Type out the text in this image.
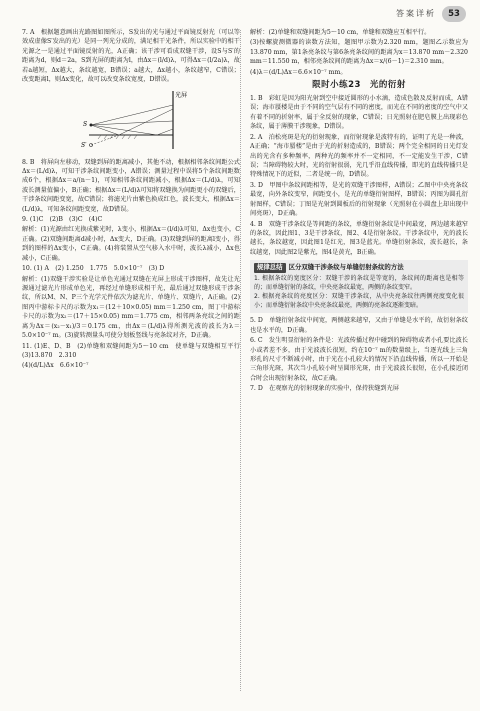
答案详析	53

7. A　根据题意画出光路图如图所示，S发出的光与通过平面镜反射光（可以等效成虚像S′发出的光）是同一列光分成的，满足相干光条件，所以实验中的相干光源之一是通过平面镜反射的光，A正确；该干涉可看成双缝干涉，设S与S′的距离为d，则d＝2a，S到光屏的距离为l，由Δx＝(l/d)λ，可得Δx＝(l/2a)λ，故若a越短，Δx越大，条纹越宽，B错误；a越大，Δx越小，条纹越窄，C错误；改变距离l，则Δx变化，故可以改变条纹宽度，D错误。

光屏
S
S′

8. B　将屏向左移动，双缝到屏的距离减小，其他不动，根据相邻条纹间距公式Δx＝(L/d)λ，可知干涉条纹间距变小，A错误；测量过程中误将5个条纹间距数成6个，根据Δx＝a/(n－1)，可知相邻条纹间距减小，根据Δx＝(L/d)λ，可知波长测量值偏小，B正确；根据Δx＝(L/d)λ可知将双缝换为间距更小的双缝后，干涉条纹间距变宽，故C错误；将滤光片由紫色换成红色，波长变大，根据Δx＝(L/d)λ，可知条纹间距变宽，故D错误。

9. (1)C　(2)B　(3)C　(4)C

解析：(1)光源由红光换成紫光时，λ变小，根据Δx＝(l/d)λ可知，Δx也变小，C正确。(2)双缝间距离d减小时，Δx变大，D正确。(3)双缝到屏的距离l变小，得到的图样的Δx变小，C正确。(4)将装置从空气移入水中时，波长λ减小，Δx也减小，C正确。

10. (1) A　(2) 1.250　1.775　5.0×10⁻⁷　(3) D

解析：(1)双缝干涉实验是让单色光通过双缝在光屏上形成干涉图样，故先让光源通过滤光片形成单色光，再经过单缝形成相干光，最后通过双缝形成干涉条纹，所以M、N、P三个光学元件依次为滤光片、单缝片、双缝片，A正确。(2)图丙中游标卡尺的示数为x₁＝(12＋10×0.05) mm＝1.250 cm，图丁中游标卡尺的示数为x₂＝(17＋15×0.05) mm＝1.775 cm，相邻两条亮纹之间的距离为Δx＝(x₂－x₁)/3＝0.175 cm，由Δx＝(L/d)λ得所测光波的波长为λ＝5.0×10⁻⁷ m。(3)旋转测量头可使分划板竖线与亮条纹对齐，D正确。

11. (1)E、D、B　(2)单缝和双缝间距为5～10 cm　使单缝与双缝相互平行　(3)13.870　2.310

(4)(d/L)Δx　6.6×10⁻⁷

解析：(2)单缝和双缝间距为5～10 cm，单缝和双缝应互相平行。

(3)按螺旋测微器的读数方法知，题图甲示数为2.320 mm，题图乙示数应为13.870 mm，第1条亮条纹与第6条亮条纹间的距离为x＝13.870 mm－2.320 mm＝11.550 m，相邻亮条纹间的距离为Δx＝x/(6－1)＝2.310 mm。

(4)λ＝(d/L)Δx＝6.6×10⁻⁷ mm。

限时小练23　光的衍射

1. B　彩虹是因为阳光射到空中接近圆形的小水滴，造成色散及反射而成，A错误；海市蜃楼是由于不同的空气层有不同的密度，而光在不同的密度的空气中又有着不同的折射率，属于全反射的现象，C错误；日光照射在肥皂膜上出现彩色条纹，属于薄膜干涉现象，D错误。

2. A　泊松亮斑是光的衍射现象，而衍射现象是波特有的，证明了光是一种波，A正确；“海市蜃楼”是由于光的折射造成的，B错误；两个完全相同的日光灯发出的光含有多种频率，两种光的频率并不一定相同，不一定能发生干涉，C错误；当障碍物较大时，光的衍射很弱，光几乎沿直线传播，即光的直线传播只是特殊情况下的近似，二者是统一的，D错误。

3. D　甲图中条纹间距相等，是光的双缝干涉图样，A错误；乙图中中央亮条纹最宽，向外条纹变窄，间距变小，是光的单缝衍射图样，B错误；丙图为圆孔衍射图样，C错误；丁图是光射到圆板后的衍射现象（光照射在小圆盘上却出现中间亮斑），D正确。

4. B　双缝干涉条纹是等间距的条纹，单缝衍射条纹是中间最宽，两边越来越窄的条纹，因此图1、3是干涉条纹，图2、4是衍射条纹。干涉条纹中，光的波长越长，条纹越宽，因此图1是红光，图3是蓝光。单缝衍射条纹，波长越长，条纹越宽，因此图2是紫光，图4是黄光，B正确。

规律总结 区分双缝干涉条纹与单缝衍射条纹的方法
1. 根据条纹的宽度区分：双缝干涉的条纹是等宽的，条纹间的距离也是相等的；而单缝衍射的条纹，中央亮条纹最宽，两侧的条纹变窄。
2. 根据亮条纹的亮度区分：双缝干涉条纹，从中央亮条纹往两侧亮度变化很小；而单缝衍射条纹中央亮条纹最亮，两侧的亮条纹逐渐变暗。

5. D　单缝衍射条纹中间宽，两侧越来越窄，又由于单缝是水平的，故衍射条纹也是水平的，D正确。

6. C　发生明显衍射的条件是：光波传播过程中碰到的障碍物或者小孔要比波长小或者差不多，由于光波波长很短，约在10⁻⁷ m的数量级上，当逐光线上三角形孔的尺寸不断减小时，由于光在小孔较大的情况下沿直线传播，所以一开始是三角形光斑，其次当小孔较小时呈圆形光斑，由于光波波长很短，在小孔接近闭合时会出现衍射条纹，故C正确。

7. D　在观察光的衍射现象的实验中，保持狭缝到光屏
